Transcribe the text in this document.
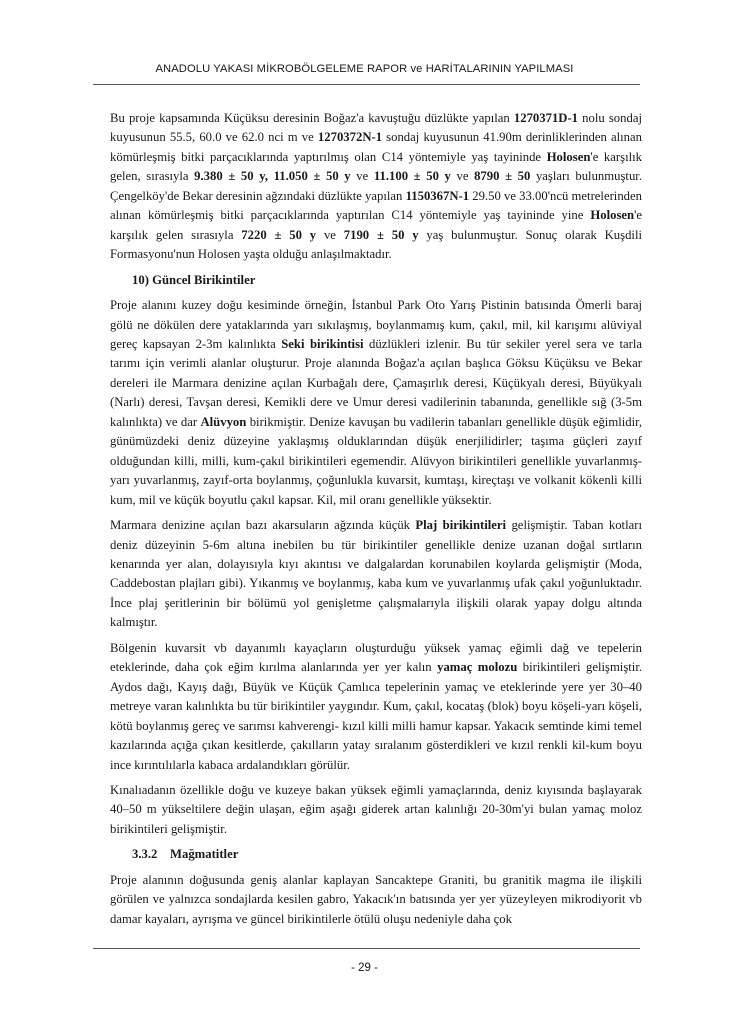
ANADOLU YAKASI MİKROBÖLGELEME RAPOR ve HARİTALARININ YAPILMASI

Bu proje kapsamında Küçüksu deresinin Boğaz'a kavuştuğu düzlükte yapılan 1270371D-1 nolu sondaj kuyusunun 55.5, 60.0 ve 62.0 nci m ve 1270372N-1 sondaj kuyusunun 41.90m derinliklerinden alınan kömürleşmiş bitki parçacıklarında yaptırılmış olan C14 yöntemiyle yaş tayininde Holosen'e karşılık gelen, sırasıyla 9.380 ± 50 y, 11.050 ± 50 y ve 11.100 ± 50 y ve 8790 ± 50 yaşları bulunmuştur. Çengelköy'de Bekar deresinin ağzındaki düzlükte yapılan 1150367N-1 29.50 ve 33.00'ncü metrelerinden alınan kömürleşmiş bitki parçacıklarında yaptırılan C14 yöntemiyle yaş tayininde yine Holosen'e karşılık gelen sırasıyla 7220 ± 50 y ve 7190 ± 50 y yaş bulunmuştur. Sonuç olarak Kuşdili Formasyonu'nun Holosen yaşta olduğu anlaşılmaktadır.

10) Güncel Birikintiler

Proje alanını kuzey doğu kesiminde örneğin, İstanbul Park Oto Yarış Pistinin batısında Ömerli baraj gölü ne dökülen dere yataklarında yarı sıkılaşmış, boylanmamış kum, çakıl, mil, kil karışımı alüviyal gereç kapsayan 2-3m kalınlıkta Seki birikintisi düzlükleri izlenir. Bu tür sekiler yerel sera ve tarla tarımı için verimli alanlar oluşturur. Proje alanında Boğaz'a açılan başlıca Göksu Küçüksu ve Bekar dereleri ile Marmara denizine açılan Kurbağalı dere, Çamaşırlık deresi, Küçükyalı deresi, Büyükyalı (Narlı) deresi, Tavşan deresi, Kemikli dere ve Umur deresi vadilerinin tabanında, genellikle sığ (3-5m kalınlıkta) ve dar Alüvyon birikmiştir. Denize kavuşan bu vadilerin tabanları genellikle düşük eğimlidir, günümüzdeki deniz düzeyine yaklaşmış olduklarından düşük enerjilidirler; taşıma güçleri zayıf olduğundan killi, milli, kum-çakıl birikintileri egemendir. Alüvyon birikintileri genellikle yuvarlanmış-yarı yuvarlanmış, zayıf-orta boylanmış, çoğunlukla kuvarsit, kumtaşı, kireçtaşı ve volkanit kökenli killi kum, mil ve küçük boyutlu çakıl kapsar. Kil, mil oranı genellikle yüksektir.

Marmara denizine açılan bazı akarsuların ağzında küçük Plaj birikintileri gelişmiştir. Taban kotları deniz düzeyinin 5-6m altına inebilen bu tür birikintiler genellikle denize uzanan doğal sırtların kenarında yer alan, dolayısıyla kıyı akıntısı ve dalgalardan korunabilen koylarda gelişmiştir (Moda, Caddebostan plajları gibi). Yıkanmış ve boylanmış, kaba kum ve yuvarlanmış ufak çakıl yoğunluktadır. İnce plaj şeritlerinin bir bölümü yol genişletme çalışmalarıyla ilişkili olarak yapay dolgu altında kalmıştır.

Bölgenin kuvarsit vb dayanımlı kayaçların oluşturduğu yüksek yamaç eğimli dağ ve tepelerin eteklerinde, daha çok eğim kırılma alanlarında yer yer kalın yamaç molozu birikintileri gelişmiştir. Aydos dağı, Kayış dağı, Büyük ve Küçük Çamlıca tepelerinin yamaç ve eteklerinde yere yer 30–40 metreye varan kalınlıkta bu tür birikintiler yaygındır. Kum, çakıl, kocataş (blok) boyu köşeli-yarı köşeli, kötü boylanmış gereç ve sarımsı kahverengi- kızıl killi milli hamur kapsar. Yakacık semtinde kimi temel kazılarında açığa çıkan kesitlerde, çakılların yatay sıralanım gösterdikleri ve kızıl renkli kil-kum boyu ince kırıntılılarla kabaca ardalandıkları görülür.

Kınalıadanın özellikle doğu ve kuzeye bakan yüksek eğimli yamaçlarında, deniz kıyısında başlayarak 40–50 m yükseltilere değin ulaşan, eğim aşağı giderek artan kalınlığı 20-30m'yi bulan yamaç moloz birikintileri gelişmiştir.

3.3.2 Mağmatitler

Proje alanının doğusunda geniş alanlar kaplayan Sancaktepe Graniti, bu granitik magma ile ilişkili görülen ve yalnızca sondajlarda kesilen gabro, Yakacık'ın batısında yer yer yüzeyleyen mikrodiyorit vb damar kayaları, ayrışma ve güncel birikintilerle ötülü oluşu nedeniyle daha çok

- 29 -
